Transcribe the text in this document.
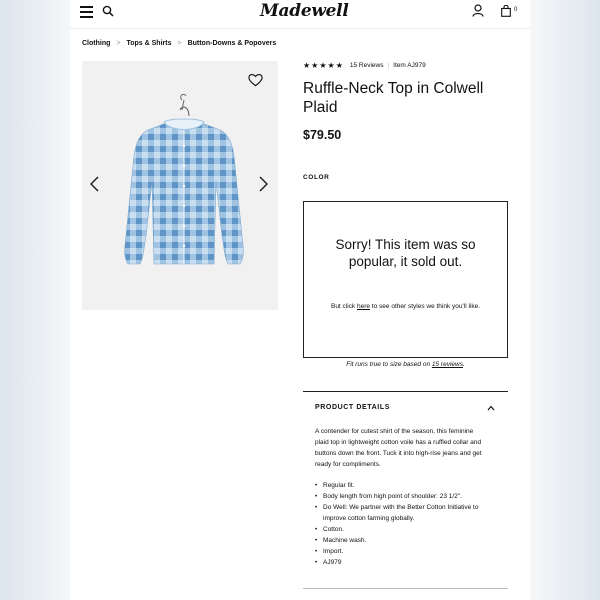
Madewell	0
Clothing > Tops & Shirts > Button-Downs & Popovers
★★★★★ 15 Reviews | Item AJ979
Ruffle-Neck Top in Colwell Plaid
$79.50
COLOR
Sorry! This item was so popular, it sold out.
But click here to see other styles we think you'll like.
Fit runs true to size based on 15 reviews.
PRODUCT DETAILS
A contender for cutest shirt of the season, this feminine plaid top in lightweight cotton voile has a ruffled collar and buttons down the front. Tuck it into high-rise jeans and get ready for compliments.
• Regular fit.
• Body length from high point of shoulder: 23 1/2".
• Do Well: We partner with the Better Cotton Initiative to improve cotton farming globally.
• Cotton.
• Machine wash.
• Import.
• AJ979
